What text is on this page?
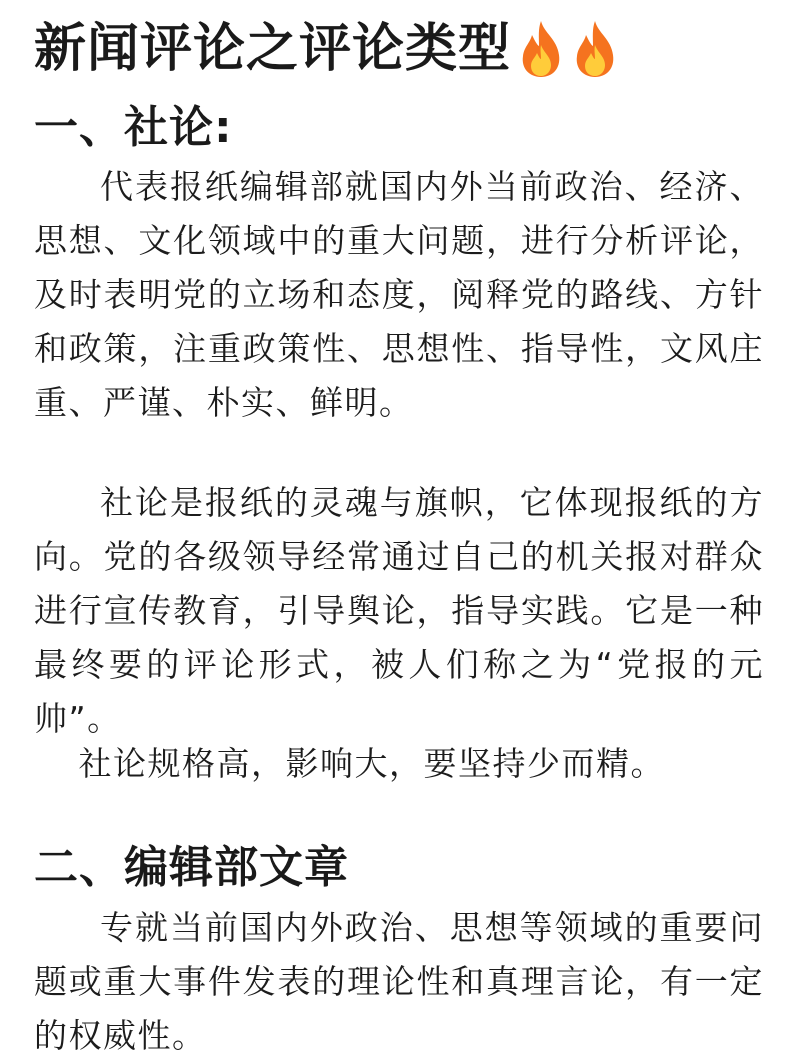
新闻评论之评论类型
一、社论:
代表报纸编辑部就国内外当前政治、经济、思想、文化领域中的重大问题，进行分析评论，及时表明党的立场和态度，阅释党的路线、方针和政策，注重政策性、思想性、指导性，文风庄重、严谨、朴实、鲜明。
社论是报纸的灵魂与旗帜，它体现报纸的方向。党的各级领导经常通过自己的机关报对群众 进行宣传教育，引导舆论，指导实践。它是一种最终要的评论形式，被人们称之为“党报的元帅”。
社论规格高，影响大，要坚持少而精。
二、编辑部文章
专就当前国内外政治、思想等领域的重要问题或重大事件发表的理论性和真理言论，有一定的权威性。
